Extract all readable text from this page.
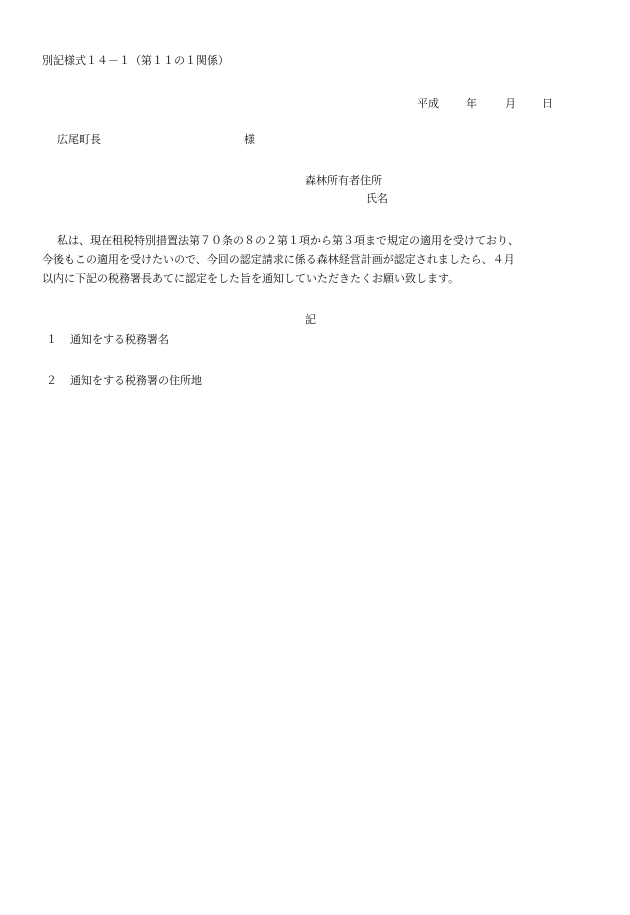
別記様式１４－１（第１１の１関係）
平成 年	月 日
広尾町長	様
森林所有者住所
氏名
私は、現在租税特別措置法第７０条の８の２第１項から第３項まで規定の適用を受けており、
今後もこの適用を受けたいので、今回の認定請求に係る森林経営計画が認定されましたら、４月
以内に下記の税務署長あてに認定をした旨を通知していただきたくお願い致します。
記
１ 通知をする税務署名
２ 通知をする税務署の住所地
